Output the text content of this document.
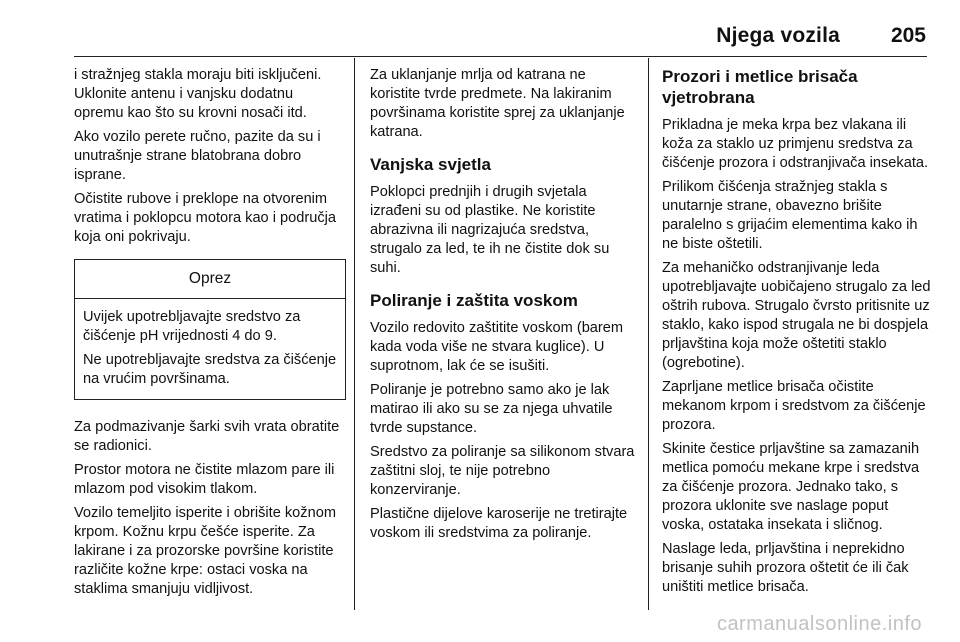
Njega vozila 205

i stražnjeg stakla moraju biti isključeni. Uklonite antenu i vanjsku dodatnu opremu kao što su krovni nosači itd.

Ako vozilo perete ručno, pazite da su i unutrašnje strane blatobrana dobro isprane.

Očistite rubove i preklope na otvorenim vratima i poklopcu motora kao i područja koja oni pokrivaju.

Oprez

Uvijek upotrebljavajte sredstvo za čišćenje pH vrijednosti 4 do 9.

Ne upotrebljavajte sredstva za čišćenje na vrućim površinama.

Za podmazivanje šarki svih vrata obratite se radionici.

Prostor motora ne čistite mlazom pare ili mlazom pod visokim tlakom.

Vozilo temeljito isperite i obrišite kožnom krpom. Kožnu krpu češće isperite. Za lakirane i za prozorske površine koristite različite kožne krpe: ostaci voska na staklima smanjuju vidljivost.

Za uklanjanje mrlja od katrana ne koristite tvrde predmete. Na lakiranim površinama koristite sprej za uklanjanje katrana.

Vanjska svjetla

Poklopci prednjih i drugih svjetala izrađeni su od plastike. Ne koristite abrazivna ili nagrizajuća sredstva, strugalo za led, te ih ne čistite dok su suhi.

Poliranje i zaštita voskom

Vozilo redovito zaštitite voskom (barem kada voda više ne stvara kuglice). U suprotnom, lak će se isušiti.

Poliranje je potrebno samo ako je lak matirao ili ako su se za njega uhvatile tvrde supstance.

Sredstvo za poliranje sa silikonom stvara zaštitni sloj, te nije potrebno konzerviranje.

Plastične dijelove karoserije ne tretirajte voskom ili sredstvima za poliranje.

Prozori i metlice brisača vjetrobrana

Prikladna je meka krpa bez vlakana ili koža za staklo uz primjenu sredstva za čišćenje prozora i odstranjivača insekata.

Prilikom čišćenja stražnjeg stakla s unutarnje strane, obavezno brišite paralelno s grijaćim elementima kako ih ne biste oštetili.

Za mehaničko odstranjivanje leda upotrebljavajte uobičajeno strugalo za led oštrih rubova. Strugalo čvrsto pritisnite uz staklo, kako ispod strugala ne bi dospjela prljavština koja može oštetiti staklo (ogrebotine).

Zaprljane metlice brisača očistite mekanom krpom i sredstvom za čišćenje prozora.

Skinite čestice prljavštine sa zamazanih metlica pomoću mekane krpe i sredstva za čišćenje prozora. Jednako tako, s prozora uklonite sve naslage poput voska, ostataka insekata i sličnog.

Naslage leda, prljavština i neprekidno brisanje suhih prozora oštetit će ili čak uništiti metlice brisača.

carmanualsonline.info
